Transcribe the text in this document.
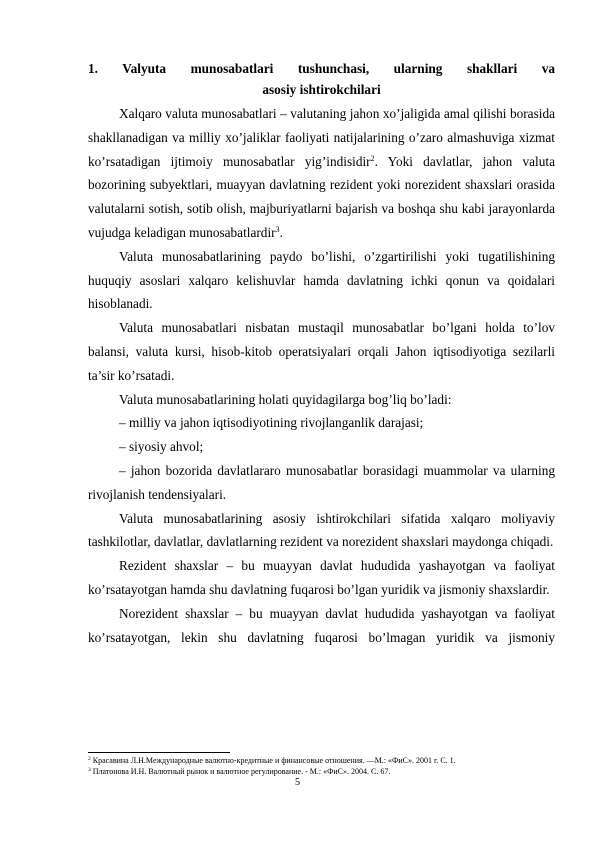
1. Valyuta munosabatlari tushunchasi, ularning shakllari va
asosiy ishtirokchilari

Xalqaro valuta munosabatlari – valutaning jahon xo’jaligida amal qilishi borasida shakllanadigan va milliy xo’jaliklar faoliyati natijalarining o’zaro almashuviga xizmat ko’rsatadigan ijtimoiy munosabatlar yig’indisidir$^2$. Yoki davlatlar, jahon valuta bozorining subyektlari, muayyan davlatning rezident yoki norezident shaxslari orasida valutalarni sotish, sotib olish, majburiyatlarni bajarish va boshqa shu kabi jarayonlarda vujudga keladigan munosabatlardir$^3$.

Valuta munosabatlarining paydo bo’lishi, o’zgartirilishi yoki tugatilishining huquqiy asoslari xalqaro kelishuvlar hamda davlatning ichki qonun va qoidalari hisoblanadi.

Valuta munosabatlari nisbatan mustaqil munosabatlar bo’lgani holda to’lov balansi, valuta kursi, hisob-kitob operatsiyalari orqali Jahon iqtisodiyotiga sezilarli ta’sir ko’rsatadi.

Valuta munosabatlarining holati quyidagilarga bog’liq bo’ladi:

– milliy va jahon iqtisodiyotining rivojlanganlik darajasi;

– siyosiy ahvol;

– jahon bozorida davlatlararo munosabatlar borasidagi muammolar va ularning rivojlanish tendensiyalari.

Valuta munosabatlarining asosiy ishtirokchilari sifatida xalqaro moliyaviy tashkilotlar, davlatlar, davlatlarning rezident va norezident shaxslari maydonga chiqadi.

Rezident shaxslar – bu muayyan davlat hududida yashayotgan va faoliyat ko’rsatayotgan hamda shu davlatning fuqarosi bo’lgan yuridik va jismoniy shaxslardir.

Norezident shaxslar – bu muayyan davlat hududida yashayotgan va faoliyat ko’rsatayotgan, lekin shu davlatning fuqarosi bo’lmagan yuridik va jismoniy

$^2$ Красавина Л.Н.Международные валютно-кредитные и финансовые отношения. —М.: «ФиС». 2001 г. С. 1.
$^3$ Платонова И.Н. Валютный рынок и валютное регулирование. - М.: «ФиС». 2004. С. 67.
5
